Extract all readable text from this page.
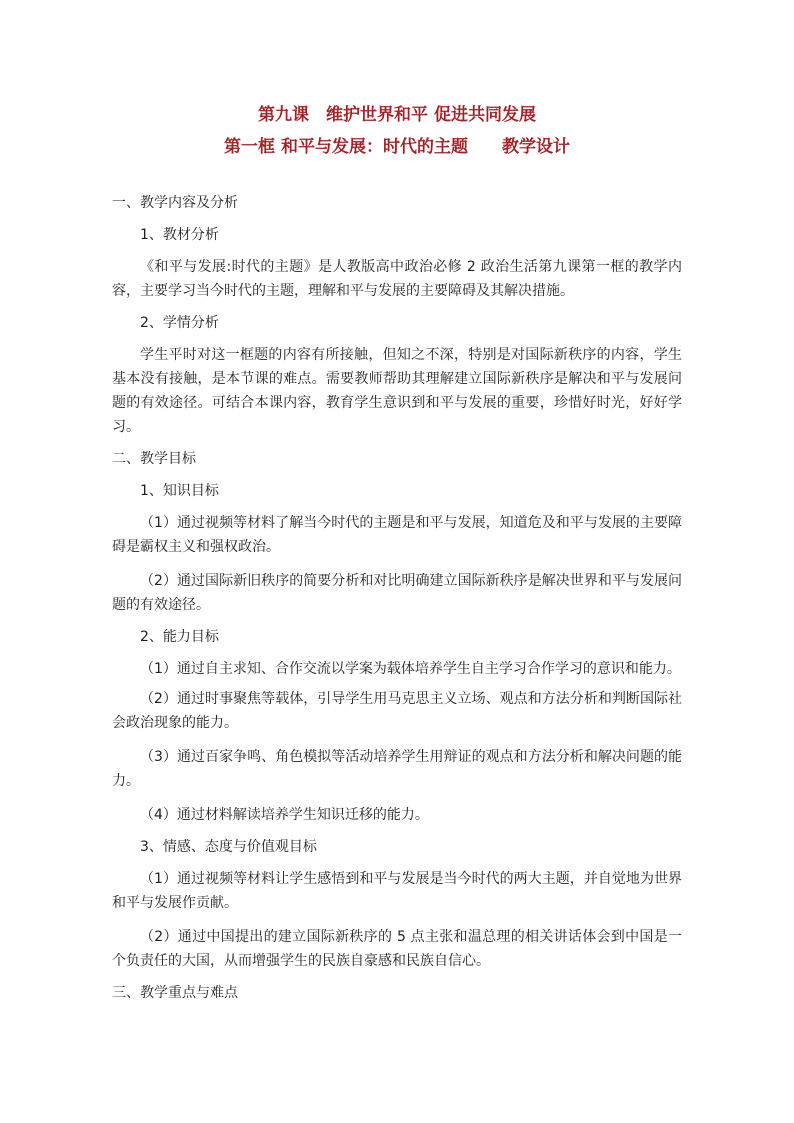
第九课　维护世界和平 促进共同发展
第一框 和平与发展：时代的主题　　教学设计
一、教学内容及分析
1、教材分析

《和平与发展:时代的主题》是人教版高中政治必修 2 政治生活第九课第一框的教学内容，主要学习当今时代的主题，理解和平与发展的主要障碍及其解决措施。

2、学情分析

学生平时对这一框题的内容有所接触，但知之不深，特别是对国际新秩序的内容，学生基本没有接触，是本节课的难点。需要教师帮助其理解建立国际新秩序是解决和平与发展问题的有效途径。可结合本课内容，教育学生意识到和平与发展的重要，珍惜好时光，好好学习。

二、教学目标
1、知识目标

（1）通过视频等材料了解当今时代的主题是和平与发展，知道危及和平与发展的主要障碍是霸权主义和强权政治。

（2）通过国际新旧秩序的简要分析和对比明确建立国际新秩序是解决世界和平与发展问题的有效途径。

2、能力目标

（1）通过自主求知、合作交流以学案为载体培养学生自主学习合作学习的意识和能力。

（2）通过时事聚焦等载体，引导学生用马克思主义立场、观点和方法分析和判断国际社会政治现象的能力。

（3）通过百家争鸣、角色模拟等活动培养学生用辩证的观点和方法分析和解决问题的能力。

（4）通过材料解读培养学生知识迁移的能力。

3、情感、态度与价值观目标

（1）通过视频等材料让学生感悟到和平与发展是当今时代的两大主题，并自觉地为世界和平与发展作贡献。

（2）通过中国提出的建立国际新秩序的 5 点主张和温总理的相关讲话体会到中国是一个负责任的大国，从而增强学生的民族自豪感和民族自信心。

三、教学重点与难点
